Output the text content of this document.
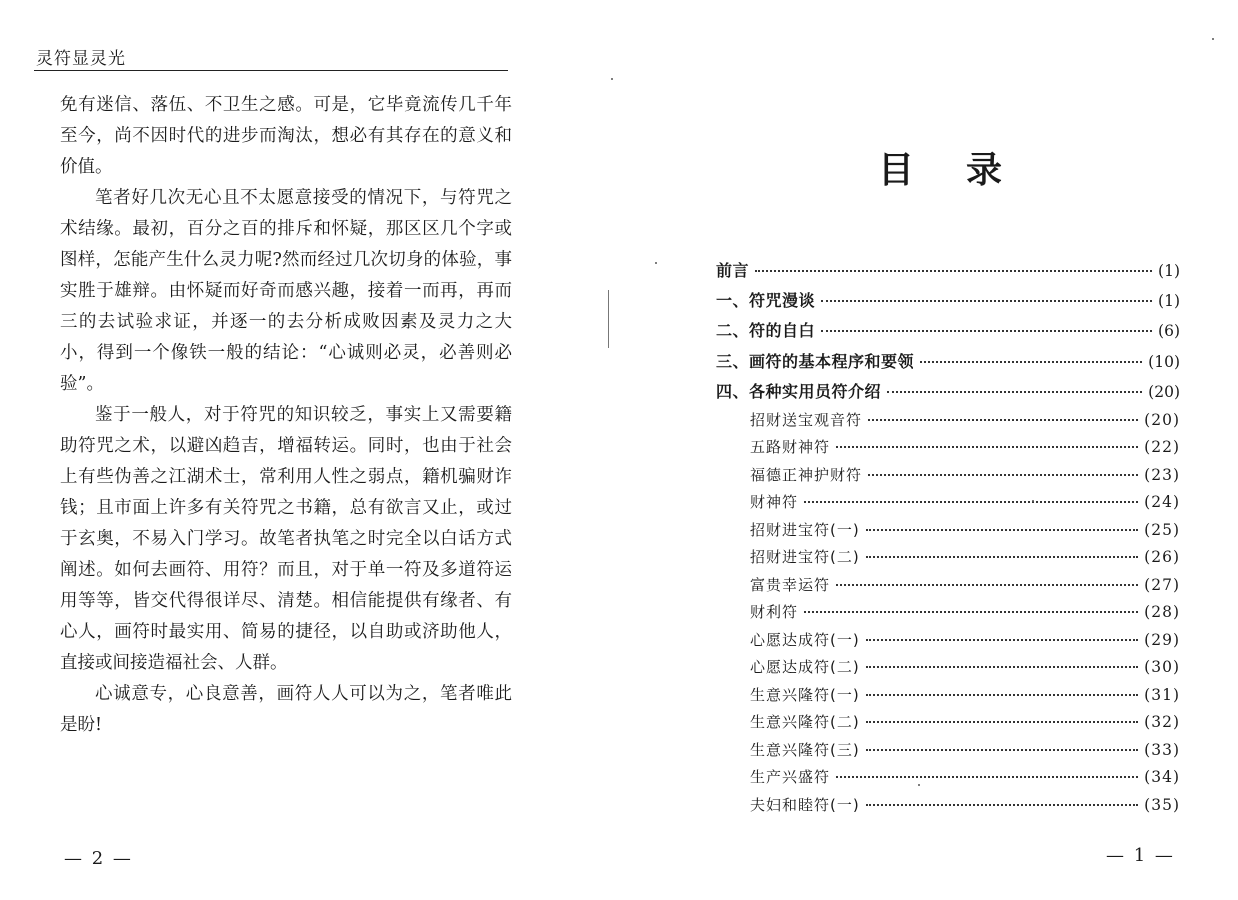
灵符显灵光

免有迷信、落伍、不卫生之感。可是，它毕竟流传几千年至今，尚不因时代的进步而淘汰，想必有其存在的意义和价值。

笔者好几次无心且不太愿意接受的情况下，与符咒之术结缘。最初，百分之百的排斥和怀疑，那区区几个字或图样，怎能产生什么灵力呢?然而经过几次切身的体验，事实胜于雄辩。由怀疑而好奇而感兴趣，接着一而再，再而三的去试验求证，并逐一的去分析成败因素及灵力之大小，得到一个像铁一般的结论：“心诚则必灵，必善则必验”。

鉴于一般人，对于符咒的知识较乏，事实上又需要籍助符咒之术，以避凶趋吉，增福转运。同时，也由于社会上有些伪善之江湖术士，常利用人性之弱点，籍机骗财诈钱；且市面上许多有关符咒之书籍，总有欲言又止，或过于玄奥，不易入门学习。故笔者执笔之时完全以白话方式阐述。如何去画符、用符？而且，对于单一符及多道符运用等等，皆交代得很详尽、清楚。相信能提供有缘者、有心人，画符时最实用、简易的捷径，以自助或济助他人，直接或间接造福社会、人群。

心诚意专，心良意善，画符人人可以为之，笔者唯此是盼!

— 2 —
目录
前言	(1)
一、符咒漫谈	(1)
二、符的自白	(6)
三、画符的基本程序和要领	(10)
四、各种实用员符介绍	(20)
招财送宝观音符	(20)
五路财神符	(22)
福德正神护财符	(23)
财神符	(24)
招财进宝符(一)	(25)
招财进宝符(二)	(26)
富贵幸运符	(27)
财利符	(28)
心愿达成符(一)	(29)
心愿达成符(二)	(30)
生意兴隆符(一)	(31)
生意兴隆符(二)	(32)
生意兴隆符(三)	(33)
生产兴盛符	(34)
夫妇和睦符(一)	(35)
— 1 —
